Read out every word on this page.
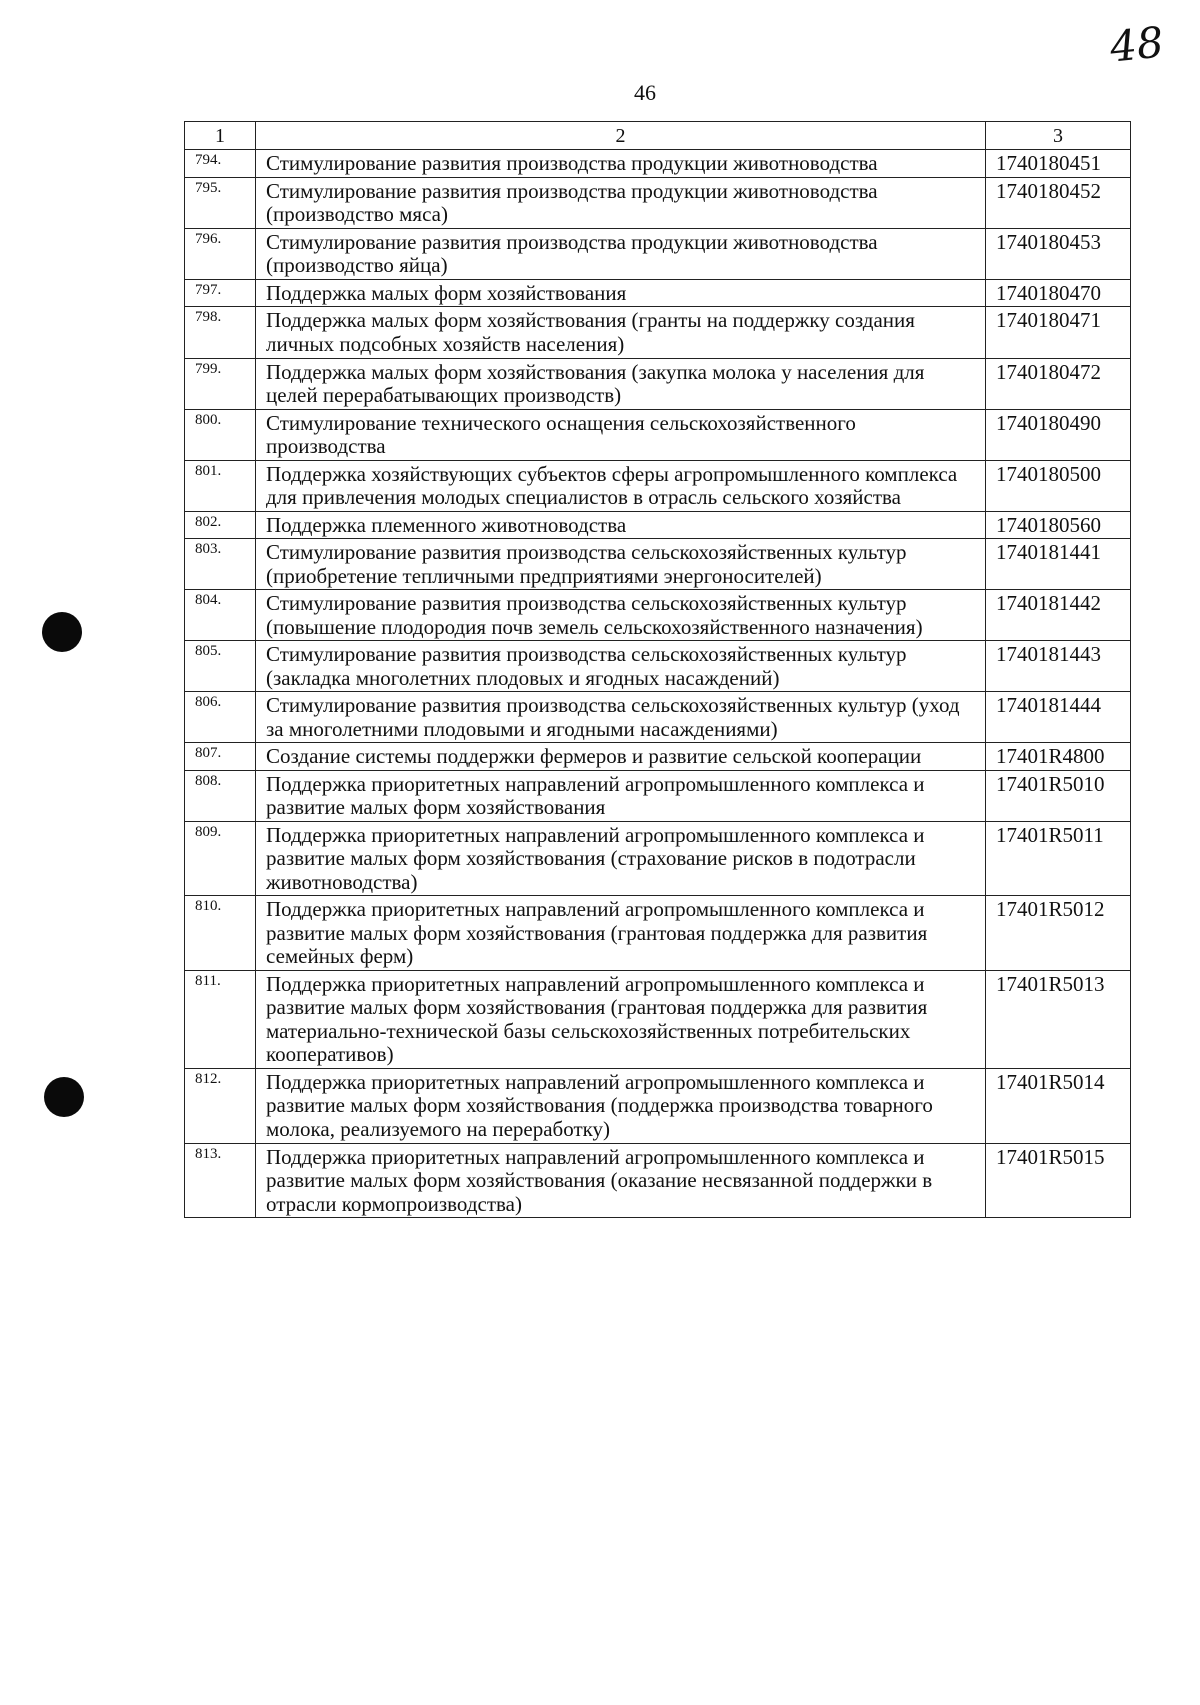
46
48
1	2	3
794.	Стимулирование развития производства продукции животноводства	1740180451
795.	Стимулирование развития производства продукции животноводства (производство мяса)	1740180452
796.	Стимулирование развития производства продукции животноводства (производство яйца)	1740180453
797.	Поддержка малых форм хозяйствования	1740180470
798.	Поддержка малых форм хозяйствования (гранты на поддержку создания личных подсобных хозяйств населения)	1740180471
799.	Поддержка малых форм хозяйствования (закупка молока у населения для целей перерабатывающих производств)	1740180472
800.	Стимулирование технического оснащения сельскохозяйственного производства	1740180490
801.	Поддержка хозяйствующих субъектов сферы агропромышленного комплекса для привлечения молодых специалистов в отрасль сельского хозяйства	1740180500
802.	Поддержка племенного животноводства	1740180560
803.	Стимулирование развития производства сельскохозяйственных культур (приобретение тепличными предприятиями энергоносителей)	1740181441
804.	Стимулирование развития производства сельскохозяйственных культур (повышение плодородия почв земель сельскохозяйственного назначения)	1740181442
805.	Стимулирование развития производства сельскохозяйственных культур (закладка многолетних плодовых и ягодных насаждений)	1740181443
806.	Стимулирование развития производства сельскохозяйственных культур (уход за многолетними плодовыми и ягодными насаждениями)	1740181444
807.	Создание системы поддержки фермеров и развитие сельской кооперации	17401R4800
808.	Поддержка приоритетных направлений агропромышленного комплекса и развитие малых форм хозяйствования	17401R5010
809.	Поддержка приоритетных направлений агропромышленного комплекса и развитие малых форм хозяйствования (страхование рисков в подотрасли животноводства)	17401R5011
810.	Поддержка приоритетных направлений агропромышленного комплекса и развитие малых форм хозяйствования (грантовая поддержка для развития семейных ферм)	17401R5012
811.	Поддержка приоритетных направлений агропромышленного комплекса и развитие малых форм хозяйствования (грантовая поддержка для развития материально-технической базы сельскохозяйственных потребительских кооперативов)	17401R5013
812.	Поддержка приоритетных направлений агропромышленного комплекса и развитие малых форм хозяйствования (поддержка производства товарного молока, реализуемого на переработку)	17401R5014
813.	Поддержка приоритетных направлений агропромышленного комплекса и развитие малых форм хозяйствования (оказание несвязанной поддержки в отрасли кормопроизводства)	17401R5015
